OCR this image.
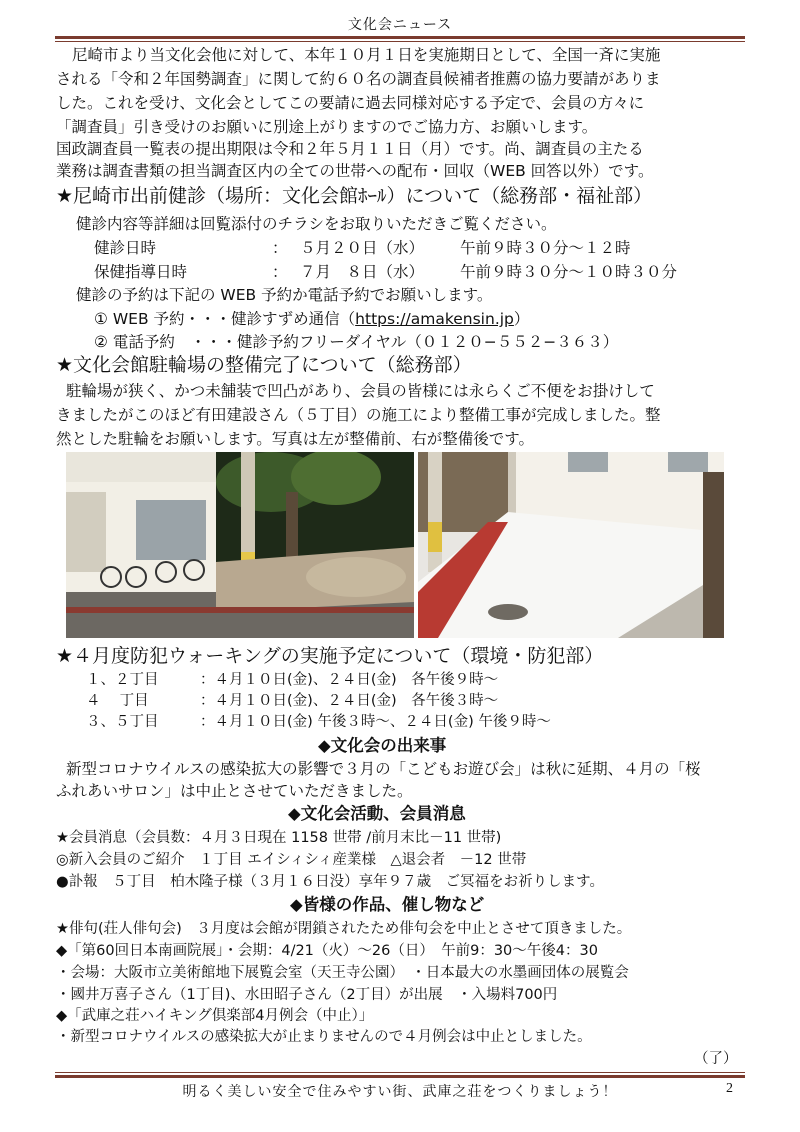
文化会ニュース
尼崎市より当文化会他に対して、本年１０月１日を実施期日として、全国一斉に実施
される「令和２年国勢調査」に関して約６０名の調査員候補者推薦の協力要請がありま
した。これを受け、文化会としてこの要請に過去同様対応する予定で、会員の方々に
「調査員」引き受けのお願いに別途上がりますのでご協力方、お願いします。
国政調査員一覧表の提出期限は令和２年５月１１日（月）です。尚、調査員の主たる
業務は調査書類の担当調査区内の全ての世帯への配布・回収（WEB 回答以外）です。
★尼崎市出前健診（場所：文化会館ﾎｰﾙ）について（総務部・福祉部）
健診内容等詳細は回覧添付のチラシをお取りいただきご覧ください。
健診日時	： ５月２０日（水） 午前９時３０分～１２時
保健指導日時	： ７月　８日（水） 午前９時３０分～１０時３０分
健診の予約は下記の WEB 予約か電話予約でお願いします。
① WEB 予約・・・健診すずめ通信（https://amakensin.jp）
② 電話予約　・・・健診予約フリーダイヤル（０１２０−５５２−３６３）
★文化会館駐輪場の整備完了について（総務部）
駐輪場が狭く、かつ未舗装で凹凸があり、会員の皆様には永らくご不便をお掛けして
きましたがこのほど有田建設さん（５丁目）の施工により整備工事が完成しました。整
然とした駐輪をお願いします。写真は左が整備前、右が整備後です。
★４月度防犯ウォーキングの実施予定について（環境・防犯部）
１、２丁目	：４月１０日(金)、２４日(金)　各午後９時～
４　 丁目	：４月１０日(金)、２４日(金)　各午後３時～
３、５丁目	：４月１０日(金) 午後３時～、２４日(金) 午後９時～
◆文化会の出来事
新型コロナウイルスの感染拡大の影響で３月の「こどもお遊び会」は秋に延期、４月の「桜
ふれあいサロン」は中止とさせていただきました。
◆文化会活動、会員消息
★会員消息（会員数：４月３日現在 1158 世帯 /前月末比－11 世帯)
◎新入会員のご紹介　１丁目 エイシィシィ産業様　△退会者　－12 世帯
●訃報　５丁目　柏木隆子様（３月１６日没）享年９７歳　ご冥福をお祈りします。
◆皆様の作品、催し物など
★俳句(荘人俳句会)　３月度は会館が閉鎖されたため俳句会を中止とさせて頂きました。
◆「第60回日本南画院展」・会期：4/21（火）～26（日）　午前9：30～午後4：30
・会場：大阪市立美術館地下展覧会室（天王寺公園）　・日本最大の水墨画団体の展覧会
・國井万喜子さん（1丁目)、水田昭子さん（2丁目）が出展　・入場料700円
◆「武庫之荘ハイキング倶楽部4月例会（中止）」
・新型コロナウイルスの感染拡大が止まりませんので４月例会は中止としました。
（了）
明るく美しい安全で住みやすい街、武庫之荘をつくりましょう！	2
